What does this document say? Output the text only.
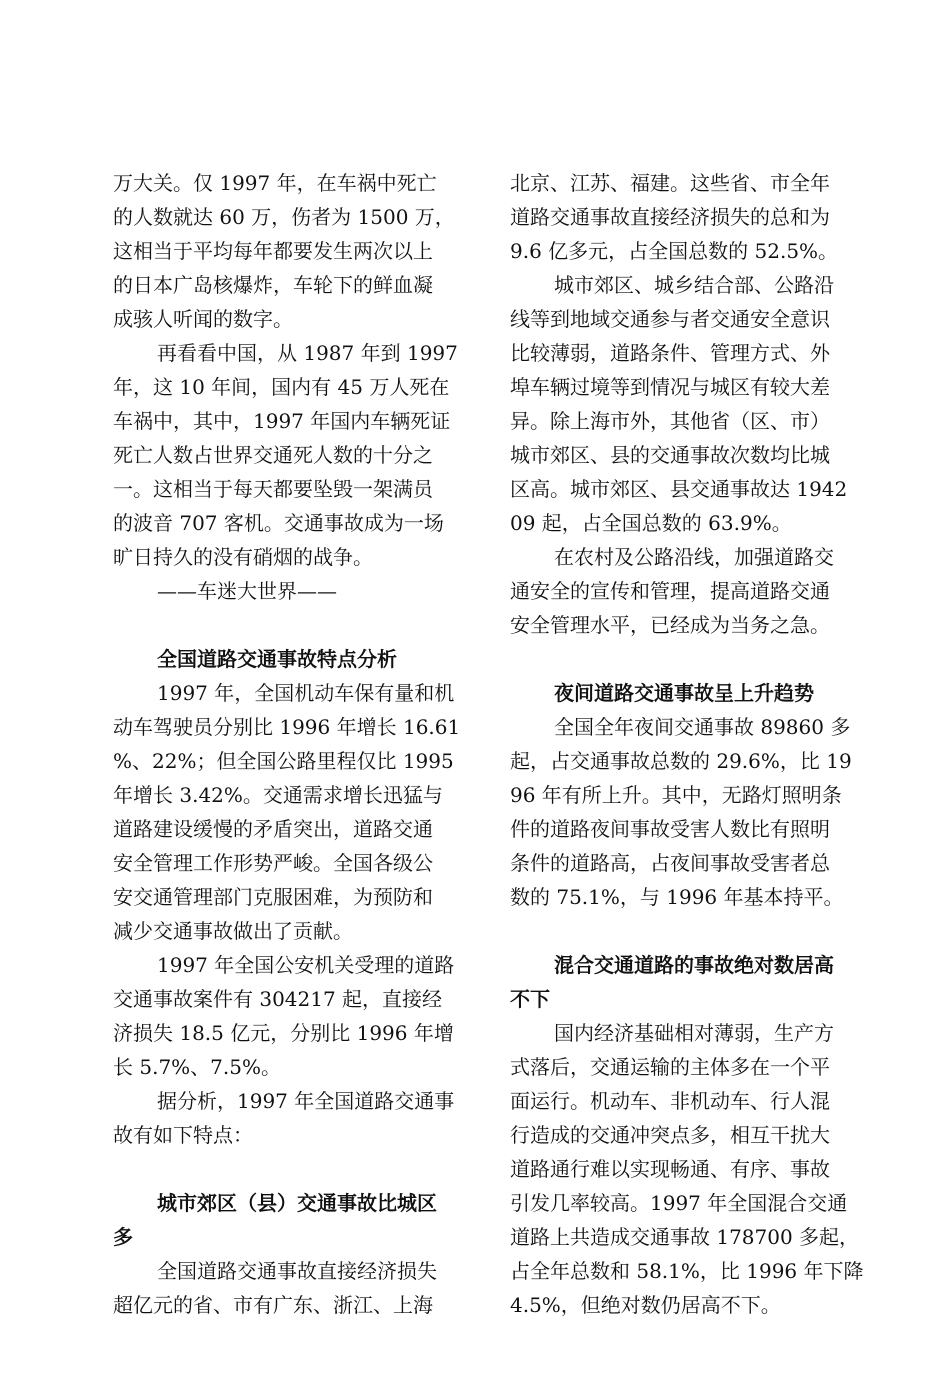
万大关。仅 1997 年，在车祸中死亡
的人数就达 60 万，伤者为 1500 万，
这相当于平均每年都要发生两次以上
的日本广岛核爆炸，车轮下的鲜血凝
成骇人听闻的数字。
再看看中国，从 1987 年到 1997
年，这 10 年间，国内有 45 万人死在
车祸中，其中，1997 年国内车辆死证
死亡人数占世界交通死人数的十分之
一。这相当于每天都要坠毁一架满员
的波音 707 客机。交通事故成为一场
旷日持久的没有硝烟的战争。
——车迷大世界——
全国道路交通事故特点分析
1997 年，全国机动车保有量和机
动车驾驶员分别比 1996 年增长 16.61
%、22%；但全国公路里程仅比 1995
年增长 3.42%。交通需求增长迅猛与
道路建设缓慢的矛盾突出，道路交通
安全管理工作形势严峻。全国各级公
安交通管理部门克服困难，为预防和
减少交通事故做出了贡献。
1997 年全国公安机关受理的道路
交通事故案件有 304217 起，直接经
济损失 18.5 亿元，分别比 1996 年增
长 5.7%、7.5%。
据分析，1997 年全国道路交通事
故有如下特点：
城市郊区（县）交通事故比城区
多
全国道路交通事故直接经济损失
超亿元的省、市有广东、浙江、上海
北京、江苏、福建。这些省、市全年
道路交通事故直接经济损失的总和为
9.6 亿多元，占全国总数的 52.5%。
城市郊区、城乡结合部、公路沿
线等到地域交通参与者交通安全意识
比较薄弱，道路条件、管理方式、外
埠车辆过境等到情况与城区有较大差
异。除上海市外，其他省（区、市）
城市郊区、县的交通事故次数均比城
区高。城市郊区、县交通事故达 1942
09 起，占全国总数的 63.9%。
在农村及公路沿线，加强道路交
通安全的宣传和管理，提高道路交通
安全管理水平，已经成为当务之急。
夜间道路交通事故呈上升趋势
全国全年夜间交通事故 89860 多
起，占交通事故总数的 29.6%，比 19
96 年有所上升。其中，无路灯照明条
件的道路夜间事故受害人数比有照明
条件的道路高，占夜间事故受害者总
数的 75.1%，与 1996 年基本持平。
混合交通道路的事故绝对数居高
不下
国内经济基础相对薄弱，生产方
式落后，交通运输的主体多在一个平
面运行。机动车、非机动车、行人混
行造成的交通冲突点多，相互干扰大
道路通行难以实现畅通、有序、事故
引发几率较高。1997 年全国混合交通
道路上共造成交通事故 178700 多起，
占全年总数和 58.1%，比 1996 年下降
4.5%，但绝对数仍居高不下。
